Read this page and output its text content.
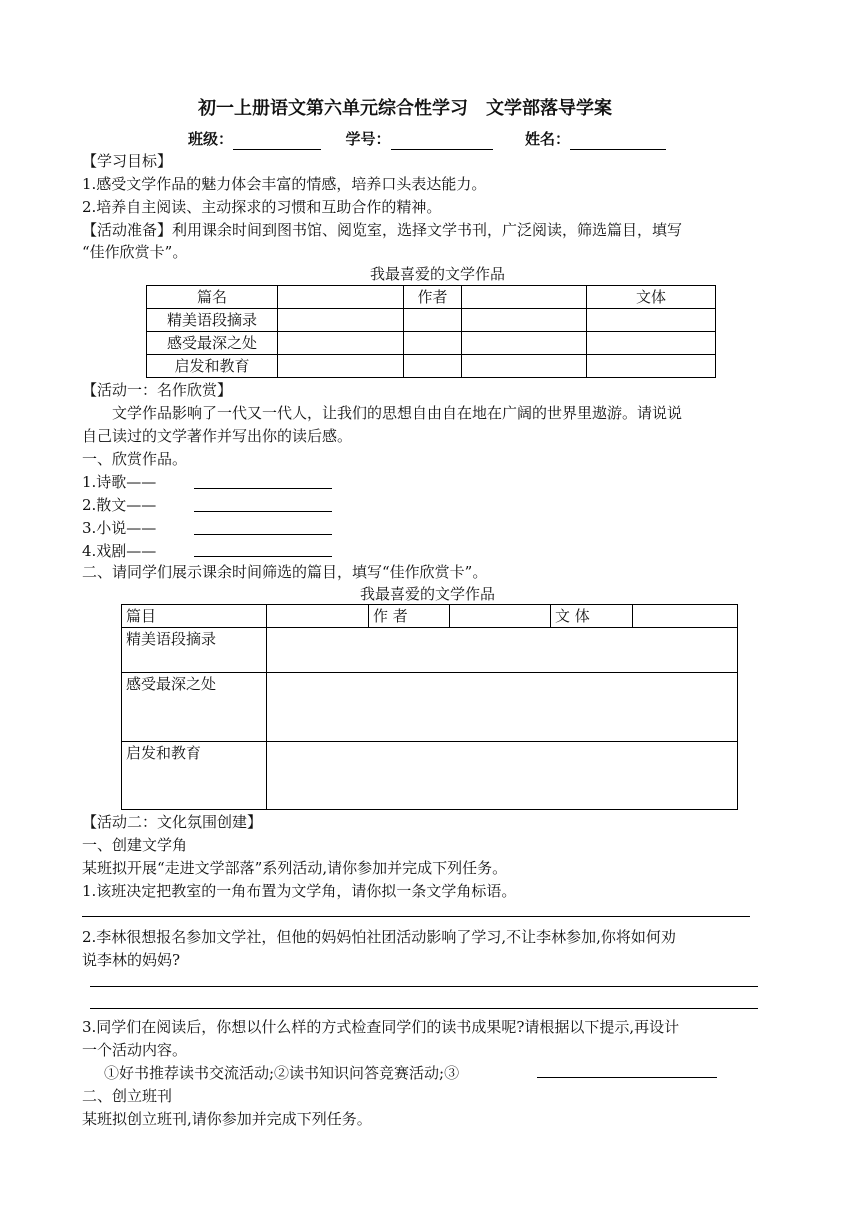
初一上册语文第六单元综合性学习　文学部落导学案
班级：	学号：	姓名：
【学习目标】
1.感受文学作品的魅力体会丰富的情感，培养口头表达能力。
2.培养自主阅读、主动探求的习惯和互助合作的精神。
【活动准备】利用课余时间到图书馆、阅览室，选择文学书刊，广泛阅读，筛选篇目，填写
“佳作欣赏卡”。
我最喜爱的文学作品
篇名		作者		文体
精美语段摘录				
感受最深之处				
启发和教育				
【活动一：名作欣赏】
文学作品影响了一代又一代人，让我们的思想自由自在地在广阔的世界里遨游。请说说
自己读过的文学著作并写出你的读后感。
一、欣赏作品。
1.诗歌——
2.散文——
3.小说——
4.戏剧——
二、请同学们展示课余时间筛选的篇目，填写“佳作欣赏卡”。
我最喜爱的文学作品
篇目		作 者		文 体	
精美语段摘录					
感受最深之处					
启发和教育					
【活动二：文化氛围创建】
一、创建文学角
某班拟开展“走进文学部落”系列活动,请你参加并完成下列任务。
1.该班决定把教室的一角布置为文学角，请你拟一条文学角标语。
2.李林很想报名参加文学社，但他的妈妈怕社团活动影响了学习,不让李林参加,你将如何劝
说李林的妈妈?
3.同学们在阅读后，你想以什么样的方式检查同学们的读书成果呢?请根据以下提示,再设计
一个活动内容。
①好书推荐读书交流活动;②读书知识问答竞赛活动;③
二、创立班刊
某班拟创立班刊,请你参加并完成下列任务。
